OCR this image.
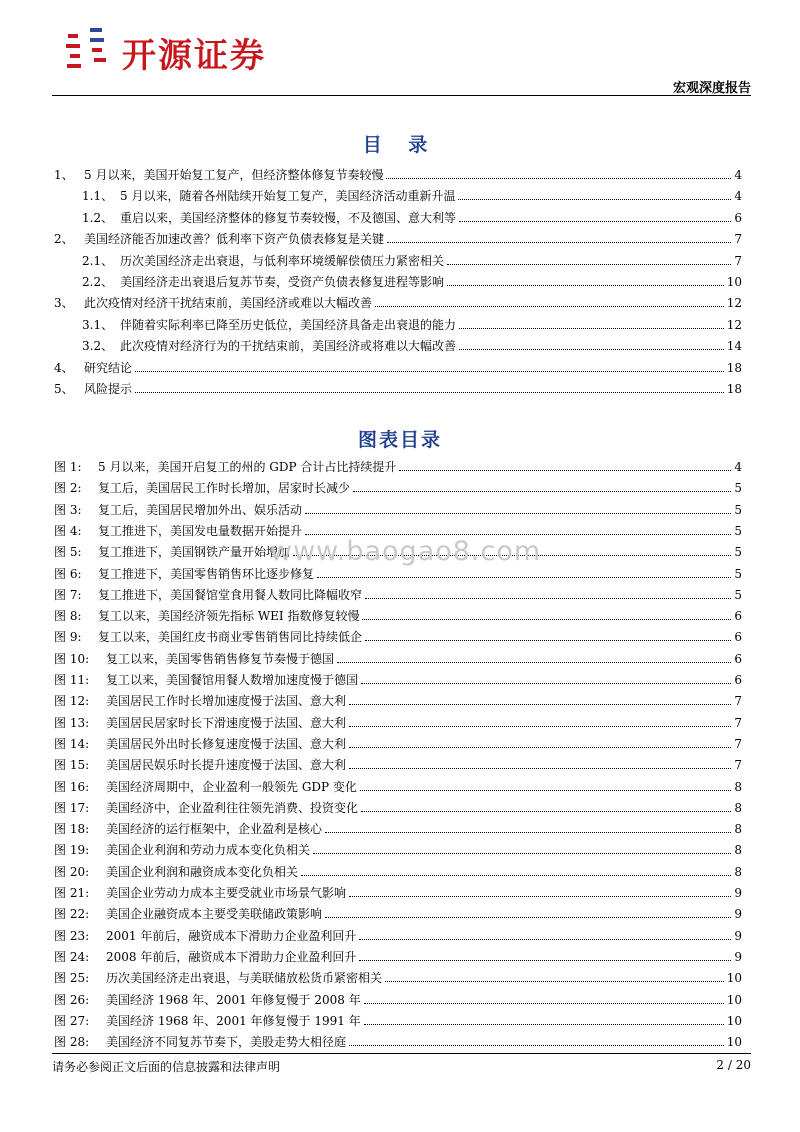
开源证券
宏观深度报告
目 录
1、 5 月以来，美国开始复工复产，但经济整体修复节奏较慢	4
1.1、 5 月以来，随着各州陆续开始复工复产，美国经济活动重新升温	4
1.2、 重启以来，美国经济整体的修复节奏较慢，不及德国、意大利等	6
2、 美国经济能否加速改善？低利率下资产负债表修复是关键	7
2.1、 历次美国经济走出衰退，与低利率环境缓解偿债压力紧密相关	7
2.2、 美国经济走出衰退后复苏节奏，受资产负债表修复进程等影响	10
3、 此次疫情对经济干扰结束前，美国经济或难以大幅改善	12
3.1、 伴随着实际利率已降至历史低位，美国经济具备走出衰退的能力	12
3.2、 此次疫情对经济行为的干扰结束前，美国经济或将难以大幅改善	14
4、 研究结论	18
5、 风险提示	18
图表目录
图 1:	5 月以来，美国开启复工的州的 GDP 合计占比持续提升	4
图 2:	复工后，美国居民工作时长增加，居家时长减少	5
图 3:	复工后，美国居民增加外出、娱乐活动	5
图 4:	复工推进下，美国发电量数据开始提升	5
图 5:	复工推进下，美国钢铁产量开始增加	5
图 6:	复工推进下，美国零售销售环比逐步修复	5
图 7:	复工推进下，美国餐馆堂食用餐人数同比降幅收窄	5
图 8:	复工以来，美国经济领先指标 WEI 指数修复较慢	6
图 9:	复工以来，美国红皮书商业零售销售同比持续低企	6
图 10:	复工以来，美国零售销售修复节奏慢于德国	6
图 11:	复工以来，美国餐馆用餐人数增加速度慢于德国	6
图 12:	美国居民工作时长增加速度慢于法国、意大利	7
图 13:	美国居民居家时长下滑速度慢于法国、意大利	7
图 14:	美国居民外出时长修复速度慢于法国、意大利	7
图 15:	美国居民娱乐时长提升速度慢于法国、意大利	7
图 16:	美国经济周期中，企业盈利一般领先 GDP 变化	8
图 17:	美国经济中，企业盈利往往领先消费、投资变化	8
图 18:	美国经济的运行框架中，企业盈利是核心	8
图 19:	美国企业利润和劳动力成本变化负相关	8
图 20:	美国企业利润和融资成本变化负相关	8
图 21:	美国企业劳动力成本主要受就业市场景气影响	9
图 22:	美国企业融资成本主要受美联储政策影响	9
图 23:	2001 年前后，融资成本下滑助力企业盈利回升	9
图 24:	2008 年前后，融资成本下滑助力企业盈利回升	9
图 25:	历次美国经济走出衰退，与美联储放松货币紧密相关	10
图 26:	美国经济 1968 年、2001 年修复慢于 2008 年	10
图 27:	美国经济 1968 年、2001 年修复慢于 1991 年	10
图 28:	美国经济不同复苏节奏下，美股走势大相径庭	10
www.baogao8.com
请务必参阅正文后面的信息披露和法律声明	2 / 20
